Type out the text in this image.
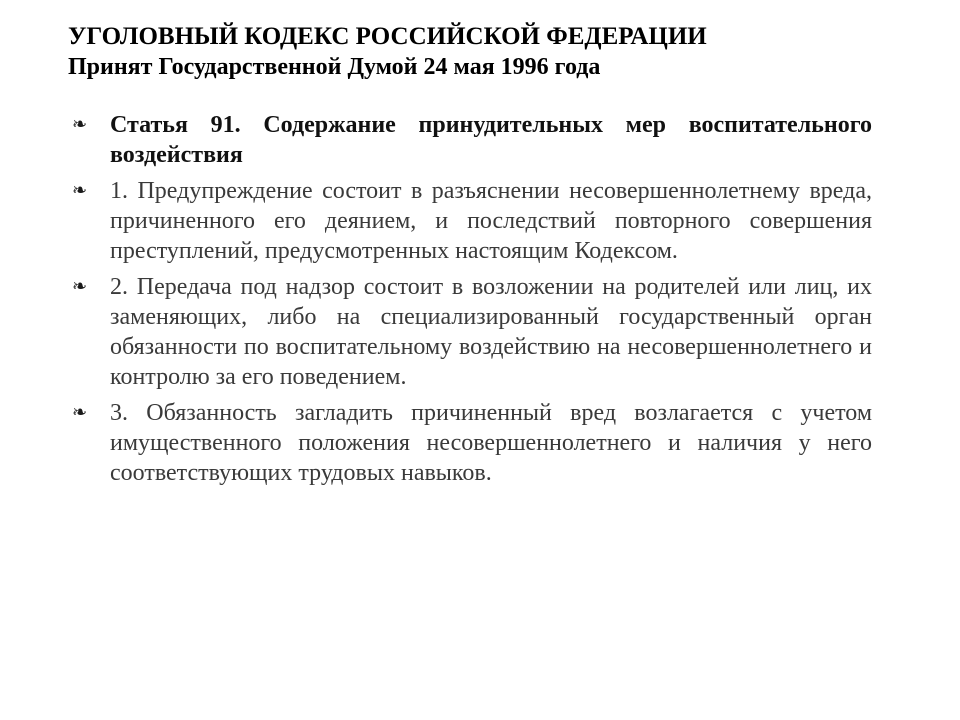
УГОЛОВНЫЙ КОДЕКС РОССИЙСКОЙ ФЕДЕРАЦИИ
Принят Государственной Думой 24 мая 1996 года
❧ Статья 91. Содержание принудительных мер воспитательного воздействия
❧ 1. Предупреждение состоит в разъяснении несовершеннолетнему вреда, причиненного его деянием, и последствий повторного совершения преступлений, предусмотренных настоящим Кодексом.
❧ 2. Передача под надзор состоит в возложении на родителей или лиц, их заменяющих, либо на специализированный государственный орган обязанности по воспитательному воздействию на несовершеннолетнего и контролю за его поведением.
❧ 3. Обязанность загладить причиненный вред возлагается с учетом имущественного положения несовершеннолетнего и наличия у него соответствующих трудовых навыков.
